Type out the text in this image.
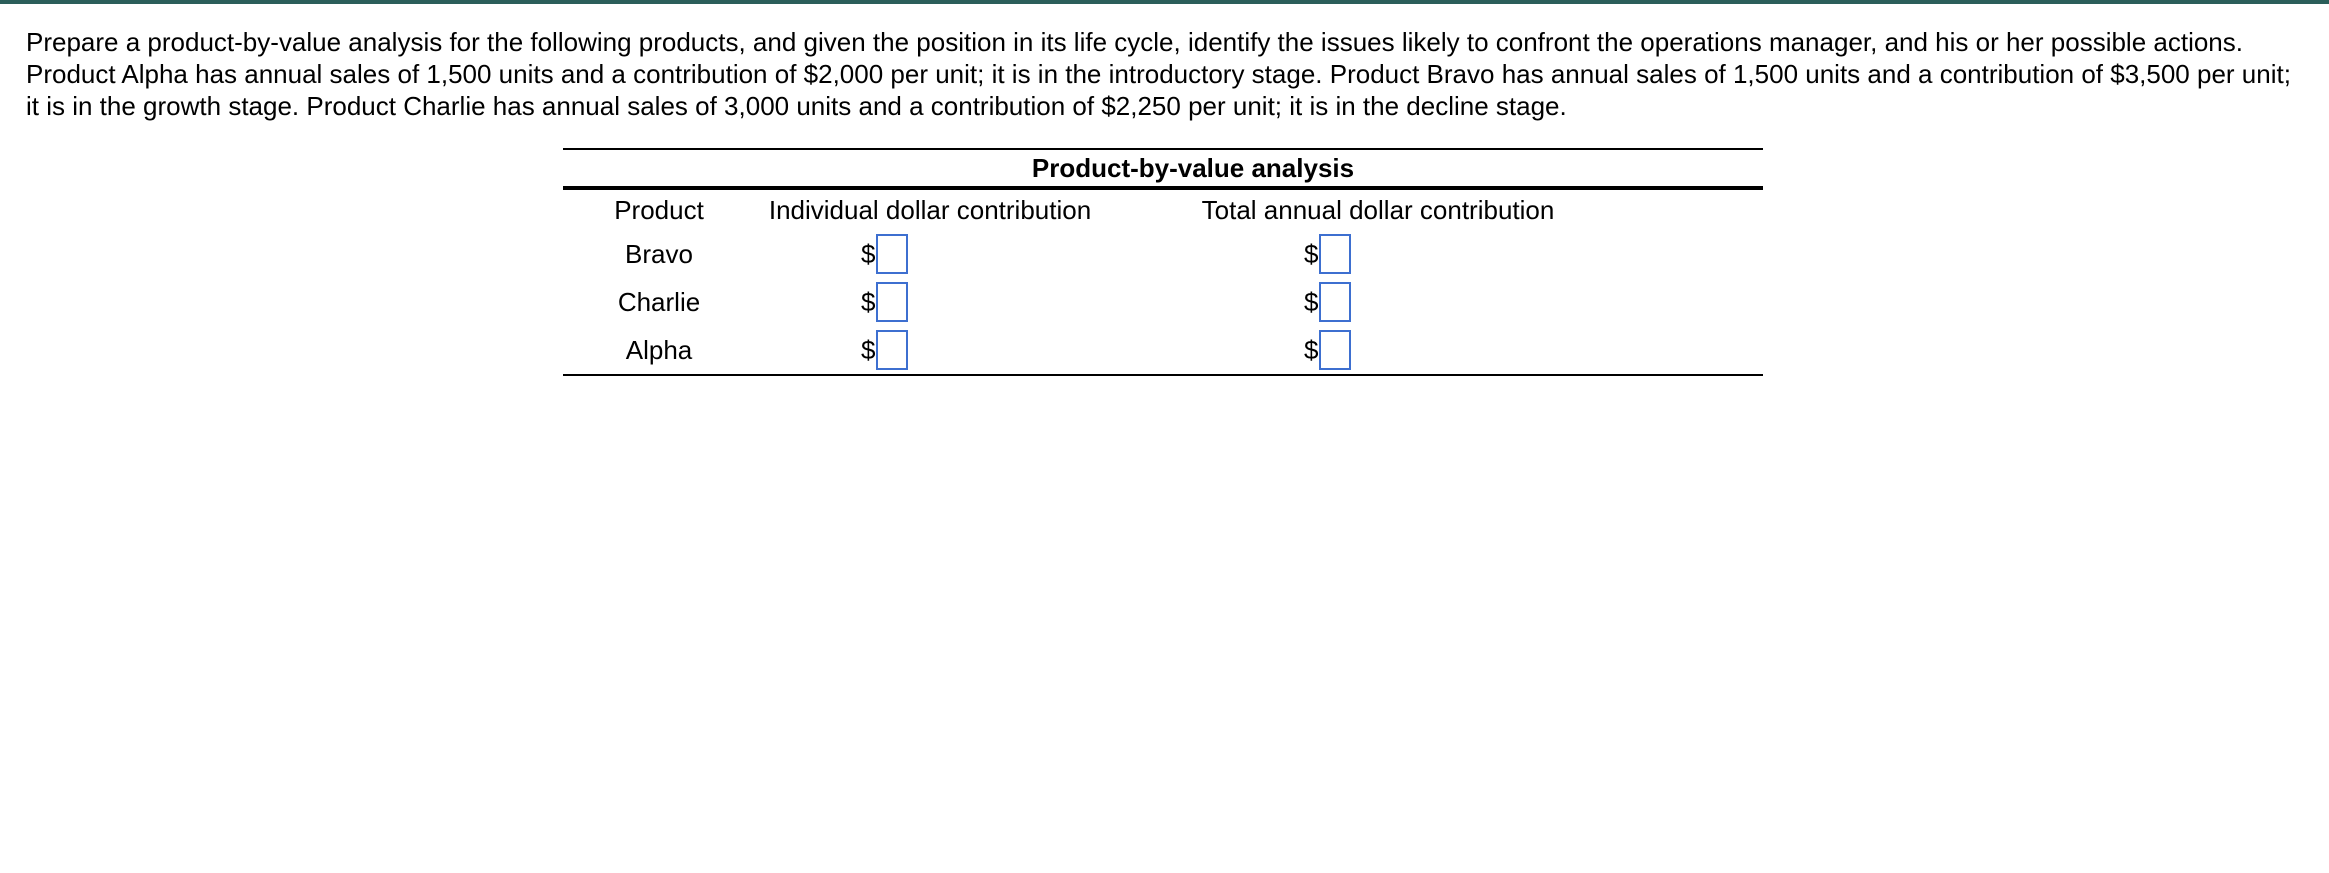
Prepare a product-by-value analysis for the following products, and given the position in its life cycle, identify the issues likely to confront the operations manager, and his or her possible actions.
Product Alpha has annual sales of 1,500 units and a contribution of $2,000 per unit; it is in the introductory stage. Product Bravo has annual sales of 1,500 units and a contribution of $3,500 per unit;
it is in the growth stage. Product Charlie has annual sales of 3,000 units and a contribution of $2,250 per unit; it is in the decline stage.

Product-by-value analysis
Product	Individual dollar contribution	Total annual dollar contribution
Bravo	$	$
Charlie	$	$
Alpha	$	$
